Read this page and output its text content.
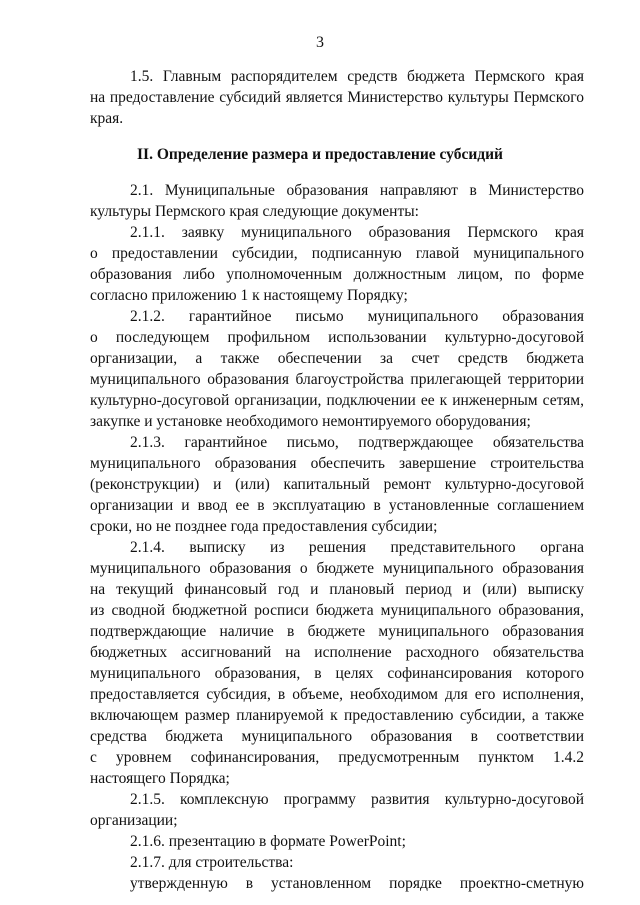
3
1.5. Главным распорядителем средств бюджета Пермского края
на предоставление субсидий является Министерство культуры Пермского
края.
II. Определение размера и предоставление субсидий
2.1. Муниципальные образования направляют в Министерство
культуры Пермского края следующие документы:
2.1.1. заявку муниципального образования Пермского края
о предоставлении субсидии, подписанную главой муниципального
образования либо уполномоченным должностным лицом, по форме
согласно приложению 1 к настоящему Порядку;
2.1.2. гарантийное письмо муниципального образования
о последующем профильном использовании культурно-досуговой
организации, а также обеспечении за счет средств бюджета
муниципального образования благоустройства прилегающей территории
культурно-досуговой организации, подключении ее к инженерным сетям,
закупке и установке необходимого немонтируемого оборудования;
2.1.3. гарантийное письмо, подтверждающее обязательства
муниципального образования обеспечить завершение строительства
(реконструкции) и (или) капитальный ремонт культурно-досуговой
организации и ввод ее в эксплуатацию в установленные соглашением
сроки, но не позднее года предоставления субсидии;
2.1.4. выписку из решения представительного органа
муниципального образования о бюджете муниципального образования
на текущий финансовый год и плановый период и (или) выписку
из сводной бюджетной росписи бюджета муниципального образования,
подтверждающие наличие в бюджете муниципального образования
бюджетных ассигнований на исполнение расходного обязательства
муниципального образования, в целях софинансирования которого
предоставляется субсидия, в объеме, необходимом для его исполнения,
включающем размер планируемой к предоставлению субсидии, а также
средства бюджета муниципального образования в соответствии
с уровнем софинансирования, предусмотренным пунктом 1.4.2
настоящего Порядка;
2.1.5. комплексную программу развития культурно-досуговой
организации;
2.1.6. презентацию в формате PowerPoint;
2.1.7. для строительства:
утвержденную в установленном порядке проектно-сметную
